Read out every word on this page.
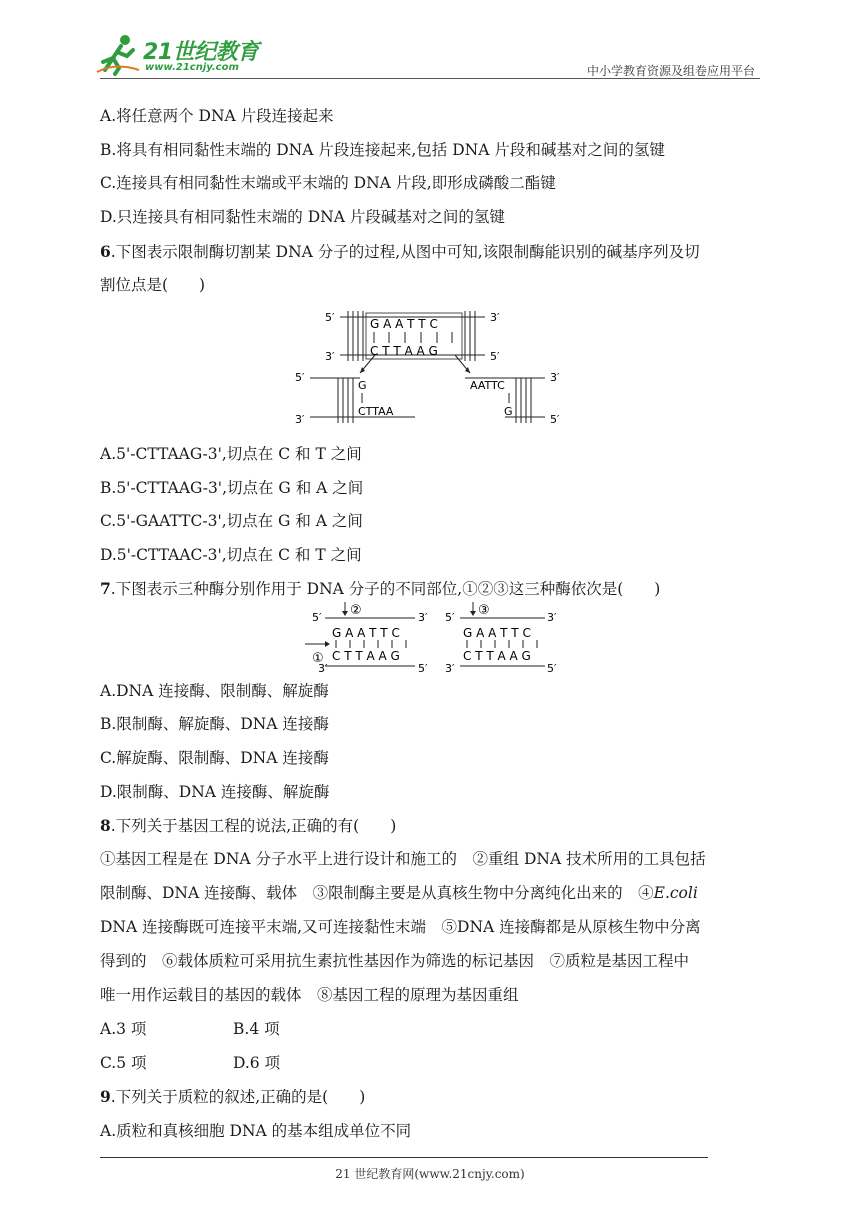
21世纪教育
www.21cnjy.com	中小学教育资源及组卷应用平台
A.将任意两个 DNA 片段连接起来
B.将具有相同黏性末端的 DNA 片段连接起来,包括 DNA 片段和碱基对之间的氢键
C.连接具有相同黏性末端或平末端的 DNA 片段,即形成磷酸二酯键
D.只连接具有相同黏性末端的 DNA 片段碱基对之间的氢键
6.下图表示限制酶切割某 DNA 分子的过程,从图中可知,该限制酶能识别的碱基序列及切
割位点是(　　)
G A A T T C
C T T A A G
5′	3′
3′	5′
G
CTTAA
5′
3′
AATTC
G
3′
5′
A.5'-CTTAAG-3',切点在 C 和 T 之间
B.5'-CTTAAG-3',切点在 G 和 A 之间
C.5'-GAATTC-3',切点在 G 和 A 之间
D.5'-CTTAAC-3',切点在 C 和 T 之间
7.下图表示三种酶分别作用于 DNA 分子的不同部位,①②③这三种酶依次是(　　)
5′	3′
②
G A A T T C
① C T T A A G
3′	5′
5′	3′
③
G A A T T C
C T T A A G
3′	5′
A.DNA 连接酶、限制酶、解旋酶
B.限制酶、解旋酶、DNA 连接酶
C.解旋酶、限制酶、DNA 连接酶
D.限制酶、DNA 连接酶、解旋酶
8.下列关于基因工程的说法,正确的有(　　)
①基因工程是在 DNA 分子水平上进行设计和施工的　②重组 DNA 技术所用的工具包括
限制酶、DNA 连接酶、载体　③限制酶主要是从真核生物中分离纯化出来的　④E.coli
DNA 连接酶既可连接平末端,又可连接黏性末端　⑤DNA 连接酶都是从原核生物中分离
得到的　⑥载体质粒可采用抗生素抗性基因作为筛选的标记基因　⑦质粒是基因工程中
唯一用作运载目的基因的载体　⑧基因工程的原理为基因重组
A.3 项	B.4 项
C.5 项	D.6 项
9.下列关于质粒的叙述,正确的是(　　)
A.质粒和真核细胞 DNA 的基本组成单位不同
21 世纪教育网(www.21cnjy.com)
